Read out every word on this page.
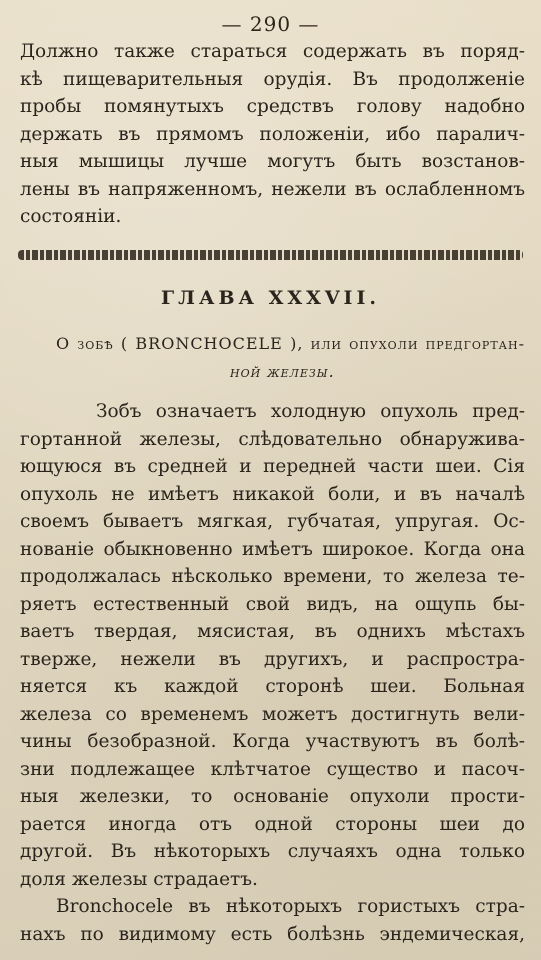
— 290 —
Должно также стараться содержать въ поряд-
кѣ пищеварительныя орудія. Въ продолженіе
пробы помянутыхъ средствъ голову надобно
держать въ прямомъ положеніи, ибо паралич-
ныя мышицы лучше могутъ быть возстанов-
лены въ напряженномъ, нежели въ ослабленномъ
состояніи.
ГЛАВА XXXVII.
О зобѣ ( BRONCHOCELE ), или опухоли предгортан-
ной железы.
Зобъ означаетъ холодную опухоль пред-
гортанной железы, слѣдовательно обнаруживa-
ющуюся въ средней и передней части шеи. Сія
опухоль не имѣетъ никакой боли, и въ началѣ
своемъ бываетъ мягкая, губчатая, упругая. Ос-
нованіе обыкновенно имѣетъ широкое. Когда она
продолжалась нѣсколько времени, то железа те-
ряетъ естественный свой видъ, на ощупь бы-
ваетъ твердая, мясистая, въ однихъ мѣстахъ
тверже, нежели въ другихъ, и распростра-
няется къ каждой сторонѣ шеи. Больная
железа со временемъ можетъ достигнуть вели-
чины безобразной. Когда участвуютъ въ болѣ-
зни подлежащее клѣтчатое существо и пасоч-
ныя железки, то основаніе опухоли прости-
рается иногда отъ одной стороны шеи до
другой. Въ нѣкоторыхъ случаяхъ одна только
доля железы страдаетъ.
Bronchocele въ нѣкоторыхъ гористыхъ стра-
нахъ по видимому есть болѣзнь эндемическая,
